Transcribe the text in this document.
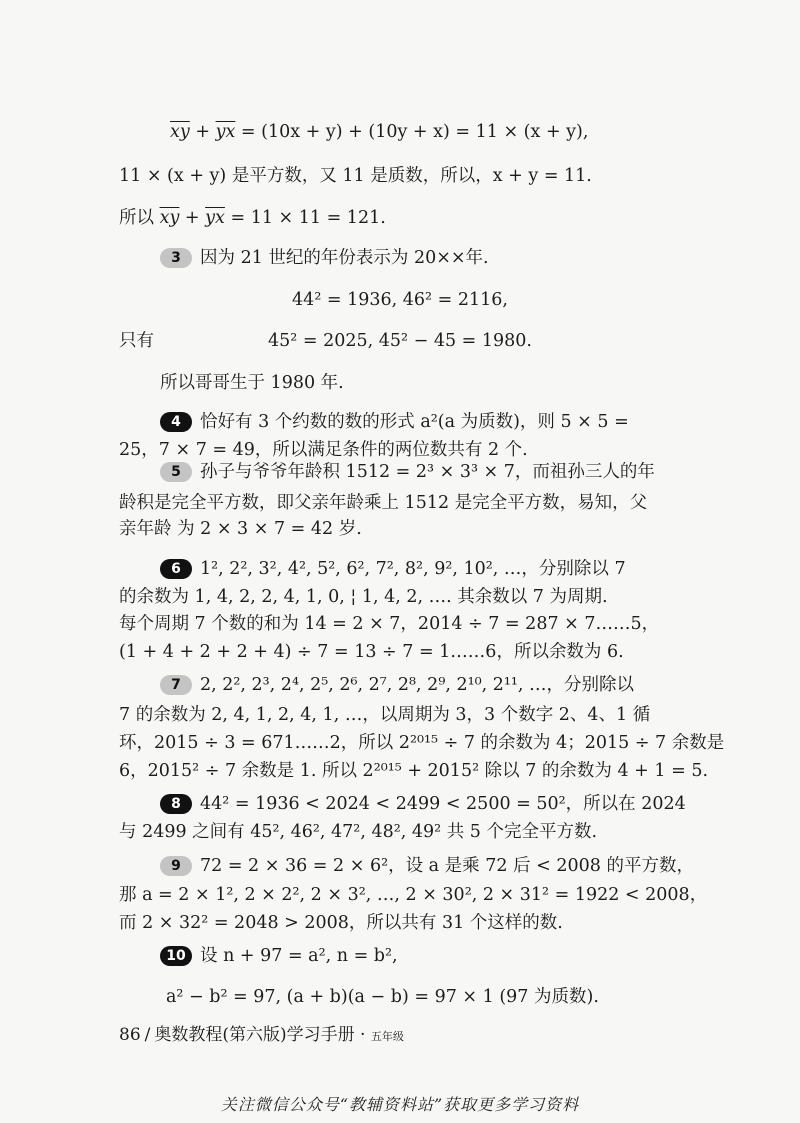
$\overline{xy} + \overline{yx} = (10x + y) + (10y + x) = 11 \times (x + y)$,
11 × (x + y) 是平方数，又 11 是质数，所以，x + y = 11.
所以 $\overline{xy} + \overline{yx} = 11 \times 11 = 121$.
3 因为 21 世纪的年份表示为 20××年.
44² = 1936, 46² = 2116,
只有	45² = 2025, 45² − 45 = 1980.
所以哥哥生于 1980 年.
4 恰好有 3 个约数的数的形式 a²(a 为质数)，则 5 × 5 =
25，7 × 7 = 49，所以满足条件的两位数共有 2 个.
5 孙子与爷爷年龄积 1512 = 2³ × 3³ × 7，而祖孙三人的年
龄积是完全平方数，即父亲年龄乘上 1512 是完全平方数，易知，父
亲年龄 为 2 × 3 × 7 = 42 岁.
6 1², 2², 3², 4², 5², 6², 7², 8², 9², 10², …，分别除以 7
的余数为 1, 4, 2, 2, 4, 1, 0, ¦ 1, 4, 2, …. 其余数以 7 为周期.
每个周期 7 个数的和为 14 = 2 × 7，2014 ÷ 7 = 287 × 7……5，
(1 + 4 + 2 + 2 + 4) ÷ 7 = 13 ÷ 7 = 1……6，所以余数为 6.
7 2, 2², 2³, 2⁴, 2⁵, 2⁶, 2⁷, 2⁸, 2⁹, 2¹⁰, 2¹¹, …，分别除以
7 的余数为 2, 4, 1, 2, 4, 1, …，以周期为 3，3 个数字 2、4、1 循
环，2015 ÷ 3 = 671……2，所以 2²⁰¹⁵ ÷ 7 的余数为 4；2015 ÷ 7 余数是
6，2015² ÷ 7 余数是 1. 所以 2²⁰¹⁵ + 2015² 除以 7 的余数为 4 + 1 = 5.
8 44² = 1936 < 2024 < 2499 < 2500 = 50²，所以在 2024
与 2499 之间有 45², 46², 47², 48², 49² 共 5 个完全平方数.
9 72 = 2 × 36 = 2 × 6²，设 a 是乘 72 后 < 2008 的平方数，
那 a = 2 × 1², 2 × 2², 2 × 3², …, 2 × 30², 2 × 31² = 1922 < 2008，
而 2 × 32² = 2048 > 2008，所以共有 31 个这样的数.
10 设 n + 97 = a², n = b²,
a² − b² = 97, (a + b)(a − b) = 97 × 1 (97 为质数).
86 / 奥数教程(第六版)学习手册 · 五年级
关注微信公众号“教辅资料站”获取更多学习资料
